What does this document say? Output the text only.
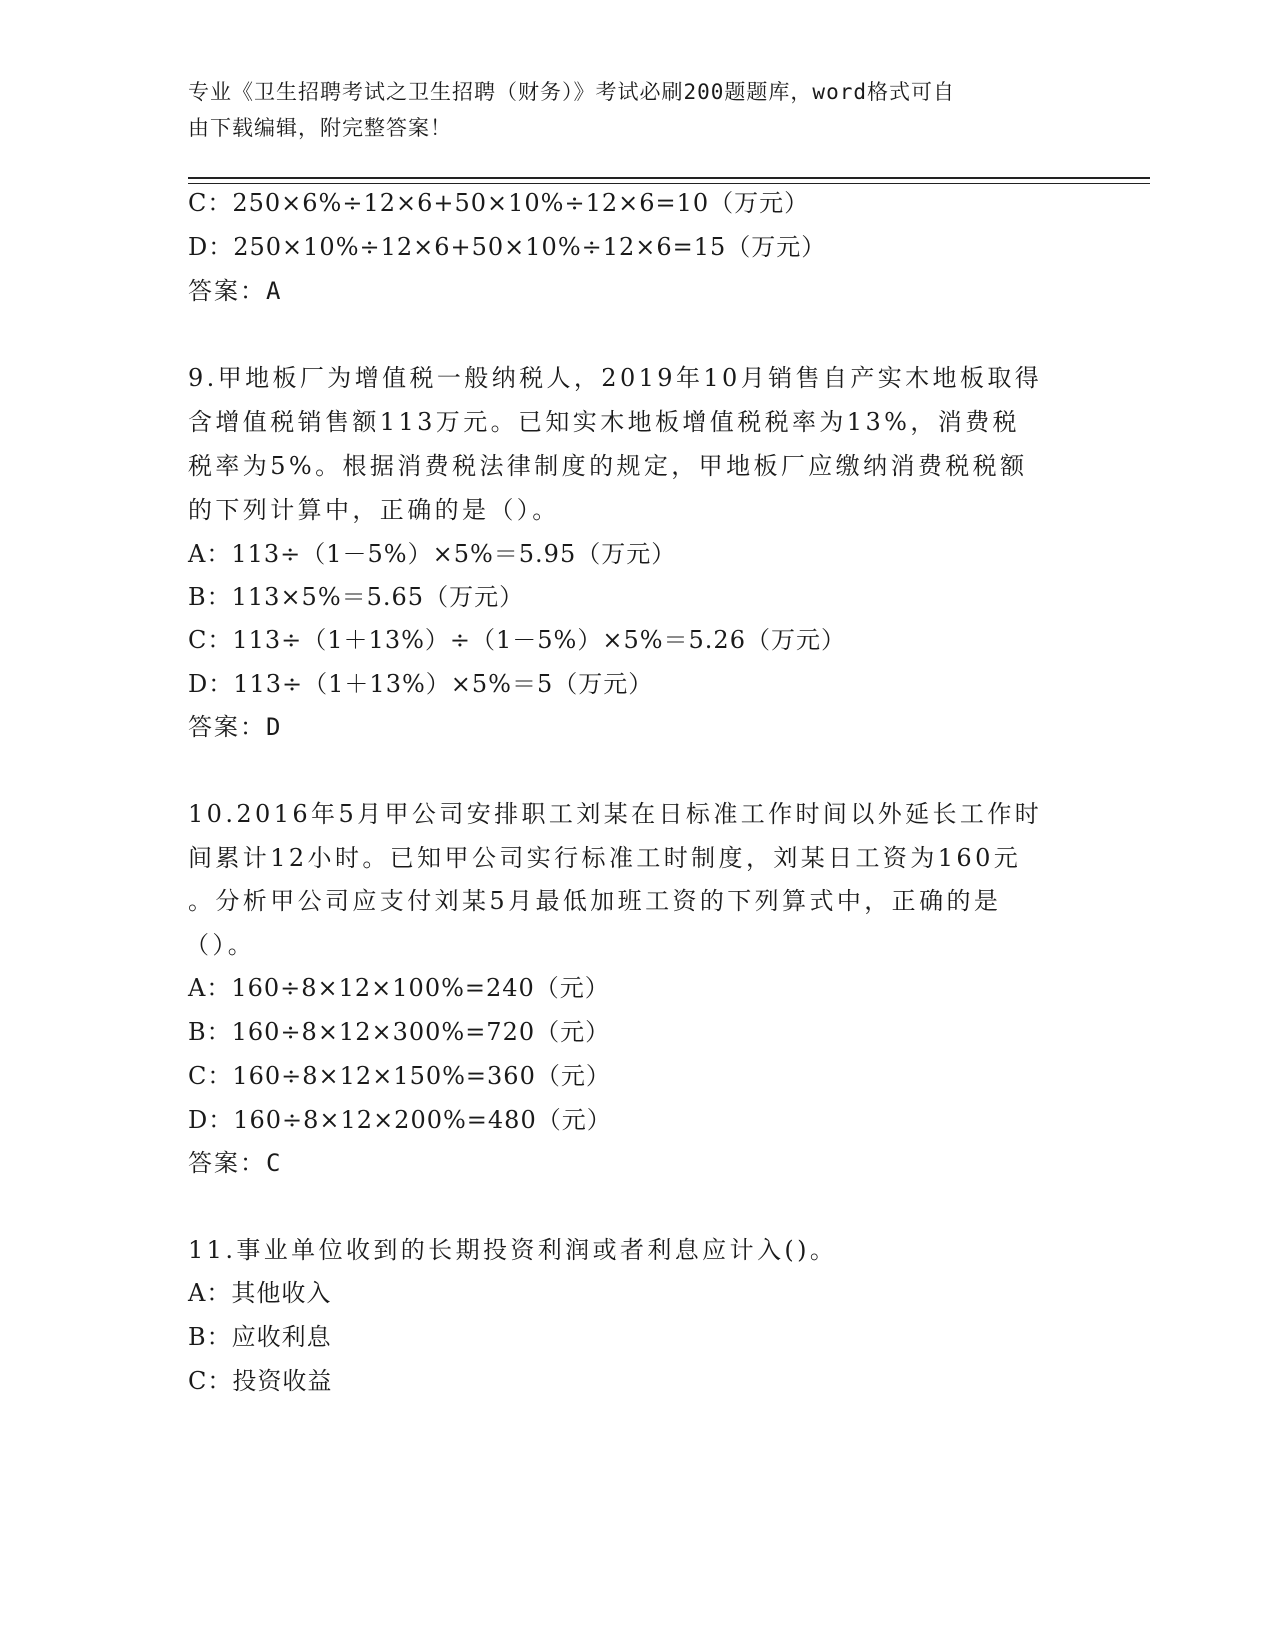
专业《卫生招聘考试之卫生招聘（财务）》考试必刷200题题库，word格式可自
由下载编辑，附完整答案！
C：250×6%÷12×6+50×10%÷12×6=10（万元）
D：250×10%÷12×6+50×10%÷12×6=15（万元）
答案：A
9.甲地板厂为增值税一般纳税人，2019年10月销售自产实木地板取得
含增值税销售额113万元。已知实木地板增值税税率为13%，消费税
税率为5%。根据消费税法律制度的规定，甲地板厂应缴纳消费税税额
的下列计算中，正确的是（）。
A：113÷（1－5%）×5%＝5.95（万元）
B：113×5%＝5.65（万元）
C：113÷（1＋13%）÷（1－5%）×5%＝5.26（万元）
D：113÷（1＋13%）×5%＝5（万元）
答案：D
10.2016年5月甲公司安排职工刘某在日标准工作时间以外延长工作时
间累计12小时。已知甲公司实行标准工时制度，刘某日工资为160元
。分析甲公司应支付刘某5月最低加班工资的下列算式中，正确的是
（）。
A：160÷8×12×100%=240（元）
B：160÷8×12×300%=720（元）
C：160÷8×12×150%=360（元）
D：160÷8×12×200%=480（元）
答案：C
11.事业单位收到的长期投资利润或者利息应计入()。
A：其他收入
B：应收利息
C：投资收益
